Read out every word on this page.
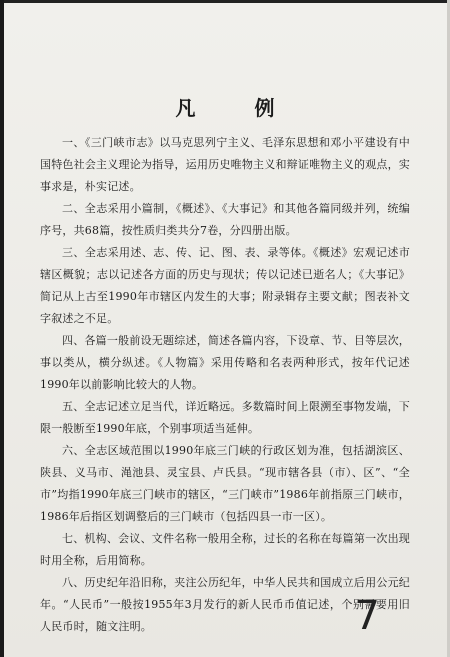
凡 例

一、《三门峡市志》以马克思列宁主义、毛泽东思想和邓小平建设有中国特色社会主义理论为指导，运用历史唯物主义和辩证唯物主义的观点，实事求是，朴实记述。

二、全志采用小篇制，《概述》、《大事记》和其他各篇同级并列，统编序号，共68篇，按性质归类共分7卷，分四册出版。

三、全志采用述、志、传、记、图、表、录等体。《概述》宏观记述市辖区概貌；志以记述各方面的历史与现状；传以记述已逝名人；《大事记》简记从上古至1990年市辖区内发生的大事；附录辑存主要文献；图表补文字叙述之不足。

四、各篇一般前设无题综述，简述各篇内容，下设章、节、目等层次，事以类从，横分纵述。《人物篇》采用传略和名表两种形式，按年代记述1990年以前影响比较大的人物。

五、全志记述立足当代，详近略远。多数篇时间上限溯至事物发端，下限一般断至1990年底，个别事项适当延伸。

六、全志区域范围以1990年底三门峡的行政区划为准，包括湖滨区、陕县、义马市、渑池县、灵宝县、卢氏县。“现市辖各县（市）、区”、“全市”均指1990年底三门峡市的辖区，“三门峡市”1986年前指原三门峡市，1986年后指区划调整后的三门峡市（包括四县一市一区）。

七、机构、会议、文件名称一般用全称，过长的名称在每篇第一次出现时用全称，后用简称。

八、历史纪年沿旧称，夹注公历纪年，中华人民共和国成立后用公元纪年。“人民币”一般按1955年3月发行的新人民币币值记述，个别需要用旧人民币时，随文注明。	7
